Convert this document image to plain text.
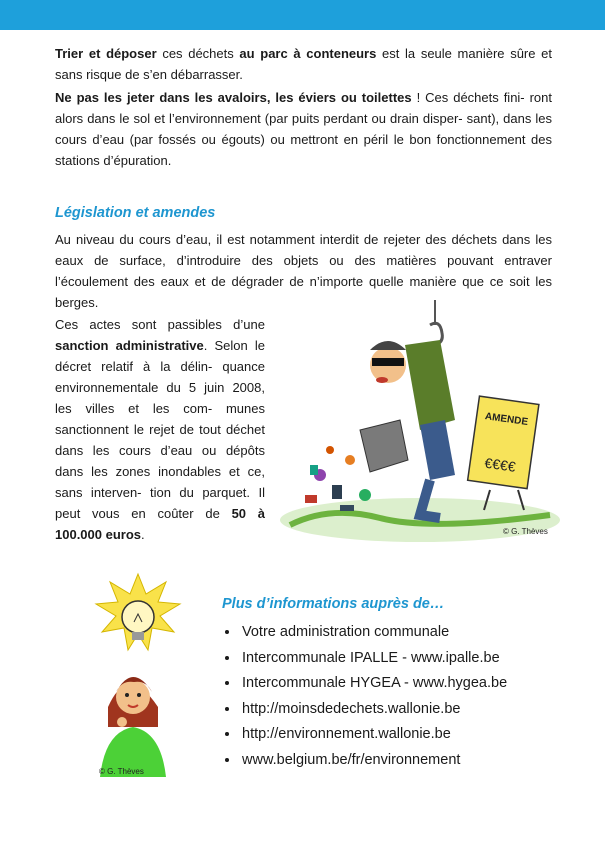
Trier et déposer ces déchets au parc à conteneurs est la seule manière sûre et sans risque de s’en débarrasser.

Ne pas les jeter dans les avaloirs, les éviers ou toilettes ! Ces déchets fini- ront alors dans le sol et l’environnement (par puits perdant ou drain disper- sant), dans les cours d’eau (par fossés ou égouts) ou mettront en péril le bon fonctionnement des stations d’épuration.

Législation et amendes

Au niveau du cours d’eau, il est notamment interdit de rejeter des déchets dans les eaux de surface, d’introduire des objets ou des matières pouvant entraver l’écoulement des eaux et de dégrader de n’importe quelle manière que ce soit les berges.

Ces actes sont passibles d’une sanction administrative. Selon le décret relatif à la délin- quance environnementale du 5 juin 2008, les villes et les com- munes sanctionnent le rejet de tout déchet dans les cours d’eau ou dépôts dans les zones inondables et ce, sans interven- tion du parquet. Il peut vous en coûter de 50 à 100.000 euros.

AMENDE
€€€€
© G. Thèves
© G. Thèves
Plus d’informations auprès de…
• Votre administration communale
• Intercommunale IPALLE - www.ipalle.be
• Intercommunale HYGEA - www.hygea.be
• http://moinsdedechets.wallonie.be
• http://environnement.wallonie.be
• www.belgium.be/fr/environnement
